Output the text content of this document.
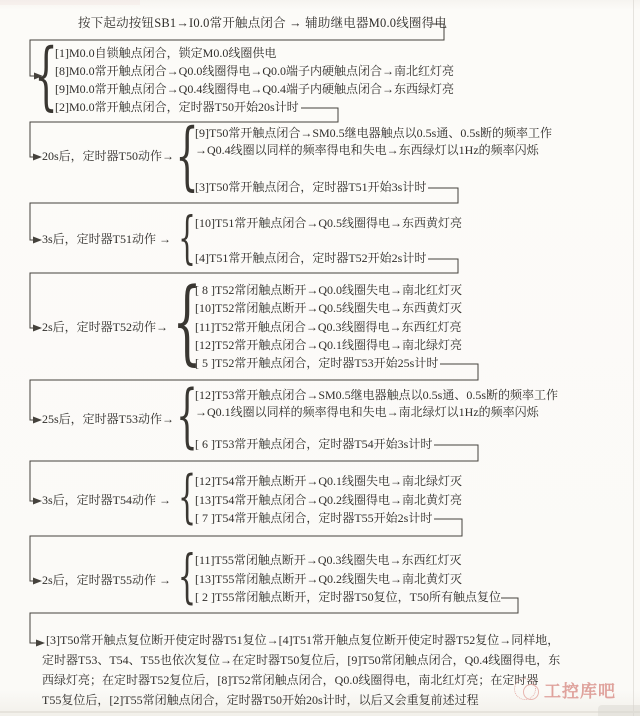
{
{
{
{
{
{
{
按下起动按钮SB1→I0.0常开触点闭合 → 辅助继电器M0.0线圈得电
[1]M0.0自锁触点闭合，锁定M0.0线圈供电
[8]M0.0常开触点闭合→Q0.0线圈得电→Q0.0端子内硬触点闭合→南北红灯亮
[9]M0.0常开触点闭合→Q0.4线圈得电→Q0.4端子内硬触点闭合→东西绿灯亮
[2]M0.0常开触点闭合，定时器T50开始20s计时
20s后，定时器T50动作→
[9]T50常开触点闭合→SM0.5继电器触点以0.5s通、0.5s断的频率工作
→Q0.4线圈以同样的频率得电和失电→东西绿灯以1Hz的频率闪烁
[3]T50常开触点闭合，定时器T51开始3s计时
3s后，定时器T51动作 →
[10]T51常开触点闭合→Q0.5线圈得电→东西黄灯亮
[4]T51常开触点闭合，定时器T52开始2s计时
2s后，定时器T52动作→
[ 8 ]T52常闭触点断开→Q0.0线圈失电→南北红灯灭
[10]T52常闭触点断开→Q0.5线圈失电→东西黄灯灭
[11]T52常开触点闭合→Q0.3线圈得电→东西红灯亮
[12]T52常开触点闭合→Q0.1线圈得电→南北绿灯亮
[ 5 ]T52常开触点闭合，定时器T53开始25s计时
25s后，定时器T53动作→
[12]T53常开触点闭合→SM0.5继电器触点以0.5s通、0.5s断的频率工作
→Q0.1线圈以同样的频率得电和失电→南北绿灯以1Hz的频率闪烁
[ 6 ]T53常开触点闭合，定时器T54开始3s计时
3s后，定时器T54动作 →
[12]T54常开触点断开→Q0.1线圈失电→南北绿灯灭
[13]T54常开触点闭合→Q0.2线圈得电→南北黄灯亮
[ 7 ]T54常开触点闭合，定时器T55开始2s计时
2s后，定时器T55动作 →
[11]T55常闭触点断开→Q0.3线圈失电→东西红灯灭
[13]T55常闭触点断开→Q0.2线圈失电→南北黄灯灭
[ 2 ]T55常闭触点断开，定时器T50复位，T50所有触点复位
[3]T50常开触点复位断开使定时器T51复位→[4]T51常开触点复位断开使定时器T52复位→同样地，
定时器T53、T54、T55也依次复位→在定时器T50复位后，[9]T50常闭触点闭合，Q0.4线圈得电，东
西绿灯亮；在定时器T52复位后，[8]T52常闭触点闭合，Q0.0线圈得电，南北红灯亮；在定时器
T55复位后，[2]T55常闭触点闭合，定时器T50开始20s计时，以后又会重复前述过程	工控库吧
